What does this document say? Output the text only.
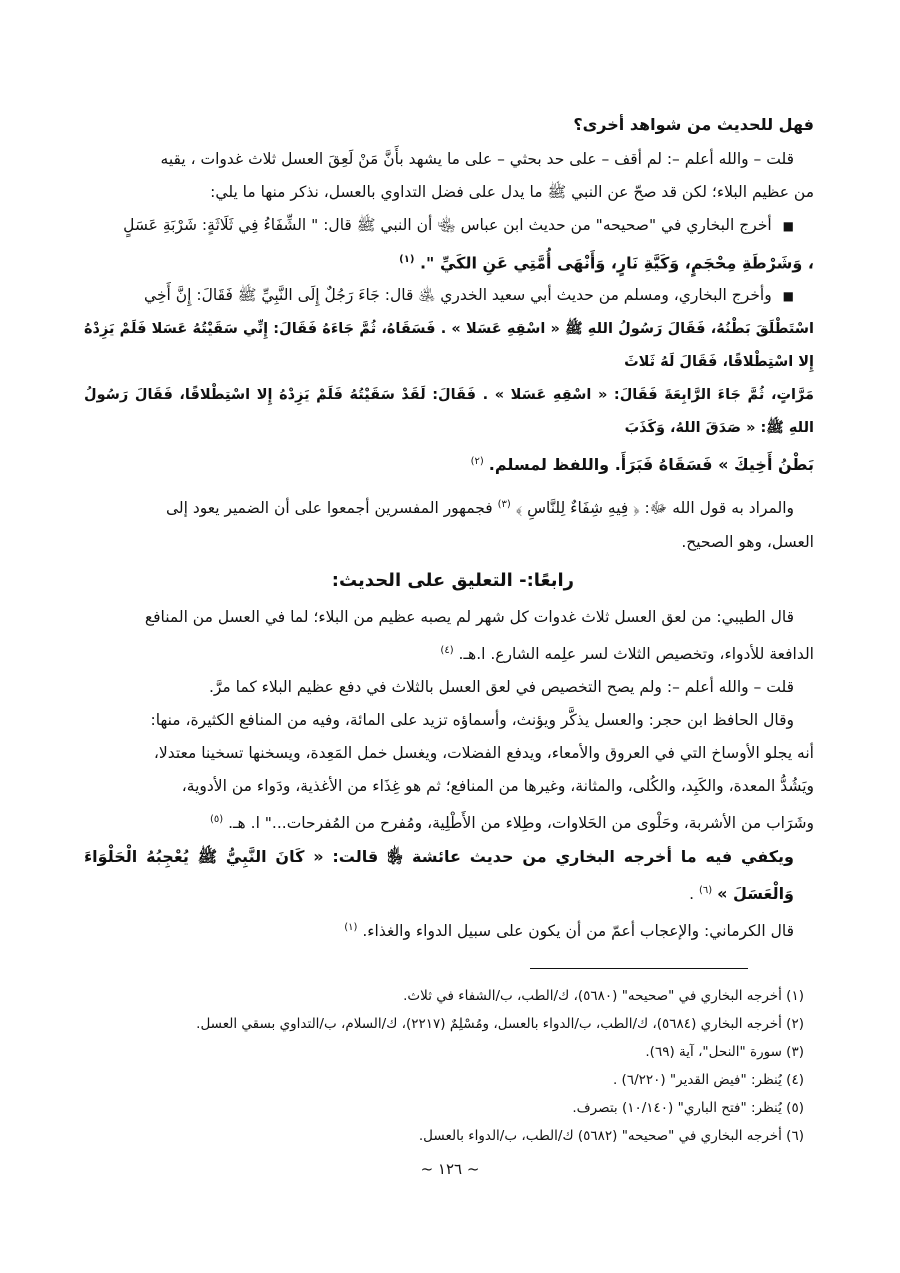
فهل للحديث من شواهد أخرى؟

قلت – والله أعلم –: لم أقف – على حد بحثي – على ما يشهد بأَنَّ مَنْ لَعِقَ العسل ثلاث غدوات ، يقيه

من عظيم البلاء؛ لكن قد صحّ عن النبي ﷺ ما يدل على فضل التداوي بالعسل، نذكر منها ما يلي:

■ أخرج البخاري في "صحيحه" من حديث ابن عباس ﵄ أن النبي ﷺ قال: " الشِّفَاءُ فِي ثَلَاثَةٍ: شَرْبَةِ عَسَلٍ

، وَشَرْطَةِ مِحْجَمٍ، وَكَيَّةِ نَارٍ، وَأَنْهَى أُمَّتِي عَنِ الكَيِّ ". $^{(١)}$

■ وأخرج البخاري، ومسلم من حديث أبي سعيد الخدري ﵁ قال: جَاءَ رَجُلٌ إِلَى النَّبِيِّ ﷺ فَقَالَ: إِنَّ أَخِي

اسْتَطْلَقَ بَطْنُهُ، فَقَالَ رَسُولُ اللهِ ﷺ « اسْقِهِ عَسَلا » . فَسَقَاهُ، ثُمَّ جَاءَهُ فَقَالَ: إِنِّي سَقَيْتُهُ عَسَلا فَلَمْ يَزِدْهُ إِلا اسْتِطْلاقًا، فَقَالَ لَهُ ثَلاثَ

مَرَّاتٍ، ثُمَّ جَاءَ الرَّابِعَةَ فَقَالَ: « اسْقِهِ عَسَلا » . فَقَالَ: لَقَدْ سَقَيْتُهُ فَلَمْ يَزِدْهُ إِلا اسْتِطْلاقًا، فَقَالَ رَسُولُ اللهِ ﷺ: « صَدَقَ اللهُ، وَكَذَبَ

بَطْنُ أَخِيكَ » فَسَقَاهُ فَبَرَأَ. واللفظ لمسلم. $^{(٢)}$

والمراد به قول الله ﷻ: ﴿ فِيهِ شِفَاءٌ لِلنَّاسِ ﴾ $^{(٣)}$ فجمهور المفسرين أجمعوا على أن الضمير يعود إلى

العسل، وهو الصحيح.

رابعًا:- التعليق على الحديث:

قال الطيبي: من لعق العسل ثلاث غدوات كل شهر لم يصبه عظيم من البلاء؛ لما في العسل من المنافع

الدافعة للأدواء، وتخصيص الثلاث لسر علِمه الشارع. ا.هـ. $^{(٤)}$

قلت – والله أعلم –: ولم يصح التخصيص في لعق العسل بالثلاث في دفع عظيم البلاء كما مرَّ.

وقال الحافظ ابن حجر: والعسل يذكَّر ويؤنث، وأسماؤه تزيد على المائة، وفيه من المنافع الكثيرة، منها:

أنه يجلو الأوساخ التي في العروق والأمعاء، ويدفع الفضلات، ويغسل خمل المَعِدة، ويسخنها تسخينا معتدلا،

ويَشُدُّ المعدة، والكَبِد، والكُلى، والمثانة، وغيرها من المنافع؛ ثم هو غِذَاء من الأغذية، ودَواء من الأدوية،

وشَرَاب من الأشربة، وحَلْوى من الحَلاوات، وطِلاء من الأَطْلِية، ومُفرح من المُفرحات..." ا. هـ. $^{(٥)}$

ويكفي فيه ما أخرجه البخاري من حديث عائشة ﵂ قالت: « كَانَ النَّبِيُّ ﷺ يُعْجِبُهُ الْحَلْوَاءَ وَالْعَسَلَ » $^{(٦)}$ .

قال الكرماني: والإعجاب أعمّ من أن يكون على سبيل الدواء والغذاء. $^{(١)}$

(١) أخرجه البخاري في "صحيحه" (٥٦٨٠)، ك/الطب، ب/الشفاء في ثلاث.

(٢) أخرجه البخاري (٥٦٨٤)، ك/الطب، ب/الدواء بالعسل، ومُسْلِمٌ (٢٢١٧)، ك/السلام، ب/التداوي بسقي العسل.

(٣) سورة "النحل"، آية (٦٩).

(٤) يُنظر: "فيض القدير" (٦/٢٢٠) .

(٥) يُنظر: "فتح الباري" (١٠/١٤٠) بتصرف.

(٦) أخرجه البخاري في "صحيحه" (٥٦٨٢) ك/الطب، ب/الدواء بالعسل.

~ ١٢٦ ~
